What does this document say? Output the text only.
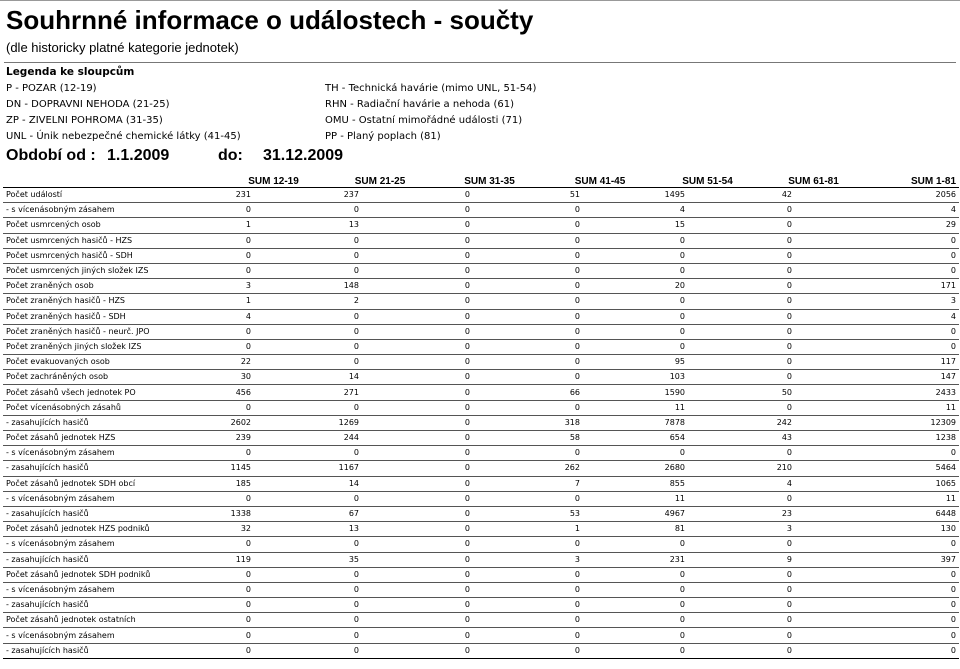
Souhrnné informace o událostech - součty
(dle historicky platné kategorie jednotek)
Legenda ke sloupcům
P - POZAR (12-19)
DN - DOPRAVNI NEHODA (21-25)
ZP - ZIVELNI POHROMA (31-35)
UNL - Únik nebezpečné chemické látky (41-45)
TH - Technická havárie (mimo UNL, 51-54)
RHN - Radiační havárie a nehoda (61)
OMU - Ostatní mimořádné události (71)
PP - Planý poplach (81)
Období od : 1.1.2009	do: 31.12.2009
	SUM 12-19	SUM 21-25	SUM 31-35	SUM 41-45	SUM 51-54	SUM 61-81	SUM 1-81
Počet událostí	231	237	0	51	1495	42	2056
- s vícenásobným zásahem	0	0	0	0	4	0	4
Počet usmrcených osob	1	13	0	0	15	0	29
Počet usmrcených hasičů - HZS	0	0	0	0	0	0	0
Počet usmrcených hasičů - SDH	0	0	0	0	0	0	0
Počet usmrcených jiných složek IZS	0	0	0	0	0	0	0
Počet zraněných osob	3	148	0	0	20	0	171
Počet zraněných hasičů - HZS	1	2	0	0	0	0	3
Počet zraněných hasičů - SDH	4	0	0	0	0	0	4
Počet zraněných hasičů - neurč. JPO	0	0	0	0	0	0	0
Počet zraněných jiných složek IZS	0	0	0	0	0	0	0
Počet evakuovaných osob	22	0	0	0	95	0	117
Počet zachráněných osob	30	14	0	0	103	0	147
Počet zásahů všech jednotek PO	456	271	0	66	1590	50	2433
Počet vícenásobných zásahů	0	0	0	0	11	0	11
- zasahujících hasičů	2602	1269	0	318	7878	242	12309
Počet zásahů jednotek HZS	239	244	0	58	654	43	1238
- s vícenásobným zásahem	0	0	0	0	0	0	0
- zasahujících hasičů	1145	1167	0	262	2680	210	5464
Počet zásahů jednotek SDH obcí	185	14	0	7	855	4	1065
- s vícenásobným zásahem	0	0	0	0	11	0	11
- zasahujících hasičů	1338	67	0	53	4967	23	6448
Počet zásahů jednotek HZS podniků	32	13	0	1	81	3	130
- s vícenásobným zásahem	0	0	0	0	0	0	0
- zasahujících hasičů	119	35	0	3	231	9	397
Počet zásahů jednotek SDH podniků	0	0	0	0	0	0	0
- s vícenásobným zásahem	0	0	0	0	0	0	0
- zasahujících hasičů	0	0	0	0	0	0	0
Počet zásahů jednotek ostatních	0	0	0	0	0	0	0
- s vícenásobným zásahem	0	0	0	0	0	0	0
- zasahujících hasičů	0	0	0	0	0	0	0
